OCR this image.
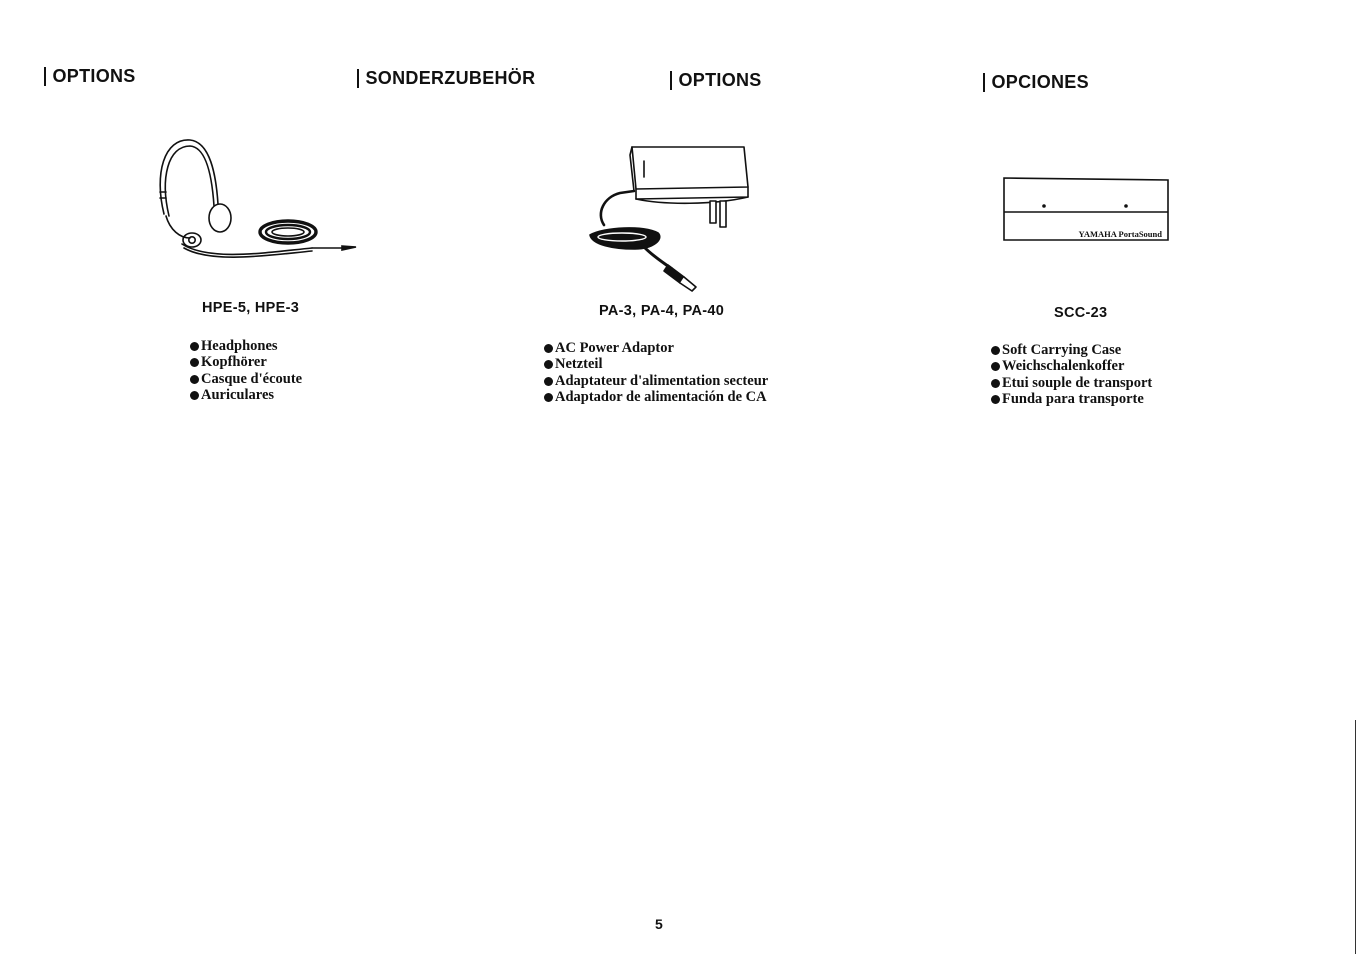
OPTIONS	SONDERZUBEHÖR	OPTIONS	OPCIONES
YAMAHA PortaSound
HPE-5, HPE-3	PA-3, PA-4, PA-40	SCC-23
Headphones
Kopfhörer
Casque d'écoute
Auriculares
AC Power Adaptor
Netzteil
Adaptateur d'alimentation secteur
Adaptador de alimentación de CA
Soft Carrying Case
Weichschalenkoffer
Etui souple de transport
Funda para transporte
5
